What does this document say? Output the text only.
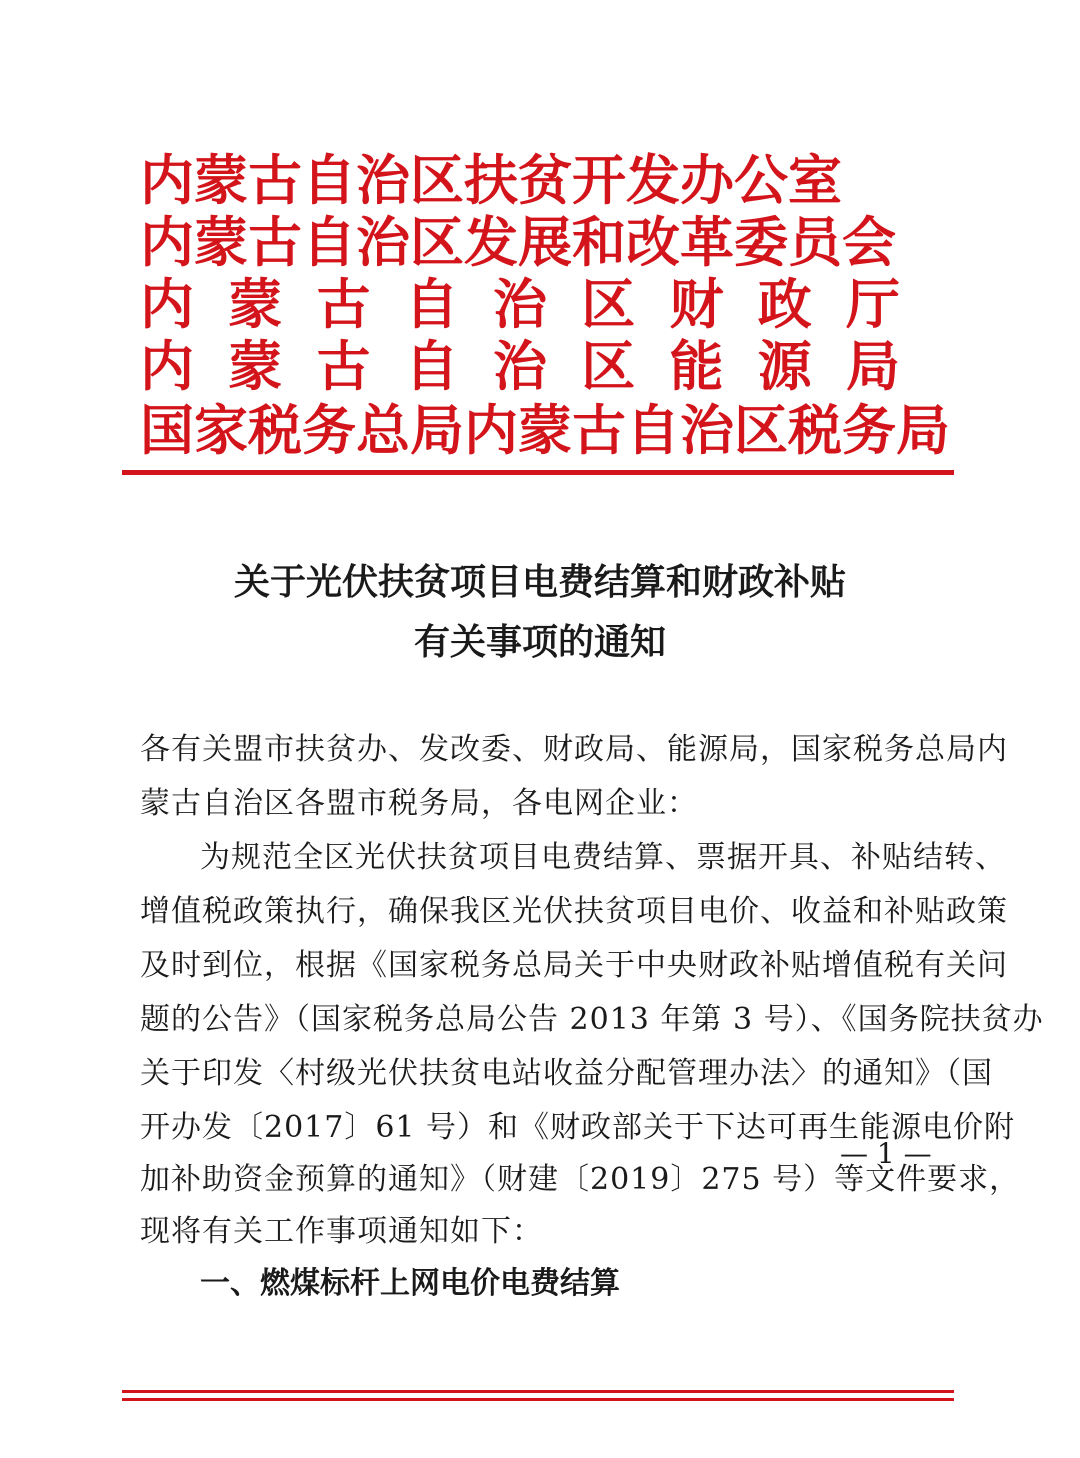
内蒙古自治区扶贫开发办公室
内蒙古自治区发展和改革委员会
内 蒙 古 自 治 区 财 政 厅
内 蒙 古 自 治 区 能 源 局
国家税务总局内蒙古自治区税务局
关于光伏扶贫项目电费结算和财政补贴
有关事项的通知
各有关盟市扶贫办、发改委、财政局、能源局，国家税务总局内
蒙古自治区各盟市税务局，各电网企业：
为规范全区光伏扶贫项目电费结算、票据开具、补贴结转、
增值税政策执行，确保我区光伏扶贫项目电价、收益和补贴政策
及时到位，根据《国家税务总局关于中央财政补贴增值税有关问
题的公告》（国家税务总局公告 2013 年第 3 号）、《国务院扶贫办
关于印发〈村级光伏扶贫电站收益分配管理办法〉的通知》（国
开办发〔2017〕61 号）和《财政部关于下达可再生能源电价附
加补助资金预算的通知》（财建〔2019〕275 号）等文件要求，
现将有关工作事项通知如下：
一、燃煤标杆上网电价电费结算
— 1 —
